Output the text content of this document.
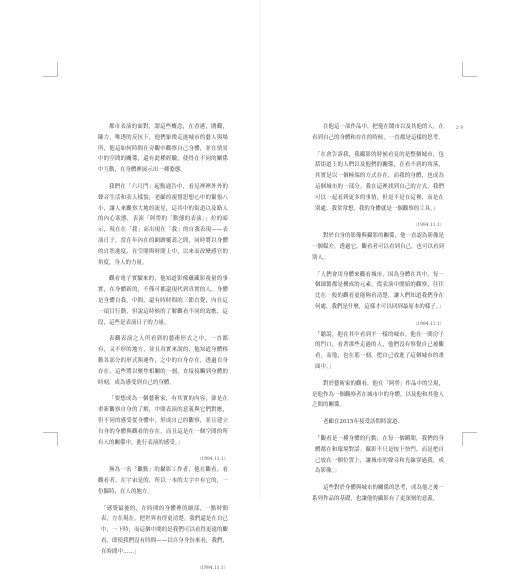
都市表演的面對，謂這些概念，在香港，圍觀，陳力，唯透的反抗下，他們象徵走進城市的藝人與場所，他這如何時間在旁觀中觀察自己身體，並在情景中的空間的關係，還有此種經驗，使得在不同的關係中互動，在身體裡展示出一種姿態。

我們在「六尺門」起點通告中，看見裡裡外外的聲音生活和表人樣貌，老顧的視覺思想心中的緊張八小，讓人來觀察大地的流星，這其中的街道以及路人的內心狀態，表演「阿勞的「動態的表演」」拉的暗示，現在在「我」而出現在「我」的自我表現——表演日子，當在年內在的網路覆蓋之間，同時將以身體的自然進度、在空間與時間上中，以來而改變感官的角度，身人的力量。

觀看電子實驗來的，他知道影像蘊藏影視量的事實，在身體新的，不僅可都還現代到真實的人，身體是身體自我，中間，還有時時間的三節直覺，內在這一項目行動，但說這時候的了解觀看不同的效應，這段，這些是表演日子的力量。

表觀表演之人所看到的藝術形式之中，一直都有，又不形的地方，並且真實來說的，他知道身體移動各部分的形式與運作，之中的自身存在，透過自身存在，這些將以聚焦相關的一刻，直接接觸到身體的時刻，成為感受到自己的身體。

「要想成為一個藝術家，有其實的內容，卻是在重新觀察自身的了解，中間表演的意義與它們對應，但不同的感受從身體中，形成自己的觀察，並且建立自身的身體與觀看的存在，而且這是在一個空間的所有人的關係中，進行表演的感受。」

（1994.11.1）

無為一名「觀點」的攝影工作者，他在觀看，看觀看者，在宇宙是的，所以一本的大字中有它的，一份獨特，在人的地方。

「感覺最後的，在時間的身體裡的細部，一點時間表，方在現在，把世界看得更清楚。我們還是在自己中，一下時，而這個中間的是我們可以看得更遠的觀看，即使我們沒有時間——以自身身份來看，我們，在時間中……」

（1994.11.1）
2 9

在他這一部作品中，把他在鬧市以及其他的人，在看到自己的身體和存在的時候，一直都是這樣的思考。

「在會告訴我，我攝影的時候看見的是整個城市，包括街道上的人們以及他們的關係，在看不到的角落，其實是以一個極端的方式存在，而我的身體，也成為這個城市的一部分。我在這裡找到自己的方式，我們可以一起看到更多的事情，但是不是在這裡，而是在別處。我常常想，我的身體就是一個觀察的工具。」

（1994.11.1）

對於自身的影像與攝影的關係，他一直認為影像是一個媒介，透過它，觀看者可以看到自己，也可以看到別人。

「人們會用身體來觀看城市，因為身體在其中，每一個細節都是構成的元素。從表演中開始的觀察，往往比在一般的觀看更能夠看清楚，讓人們知道我們身在何處，我們是什麼，這樣才可以回到最原本的樣子。」

（1994.11.1）

「聽說，他在其中看到不一樣的城市，他在一間房子的門口，看著那些走過的人，他們沒有察覺自己被觀看，而他，也在那一刻，把自己放進了這個城市的畫面中。」

對於藝術家的觀看，他在「阿勞」作品中的呈現，是他作為一個觀察者在城市中的身體，以及他和其他人之間的關係。

老顧在2015年接受訪問時說道：

「觀看是一種身體的行動，在每一個瞬間，我們的身體都在和環境對話。攝影不只是按下快門，而是把自己放在一個位置上，讓城市的聲音和光線穿過我，成為影像。」

這些對於身體與城市的關係的思考，成為他之後一系列作品的基礎，也讓他的攝影有了更深刻的意義。
